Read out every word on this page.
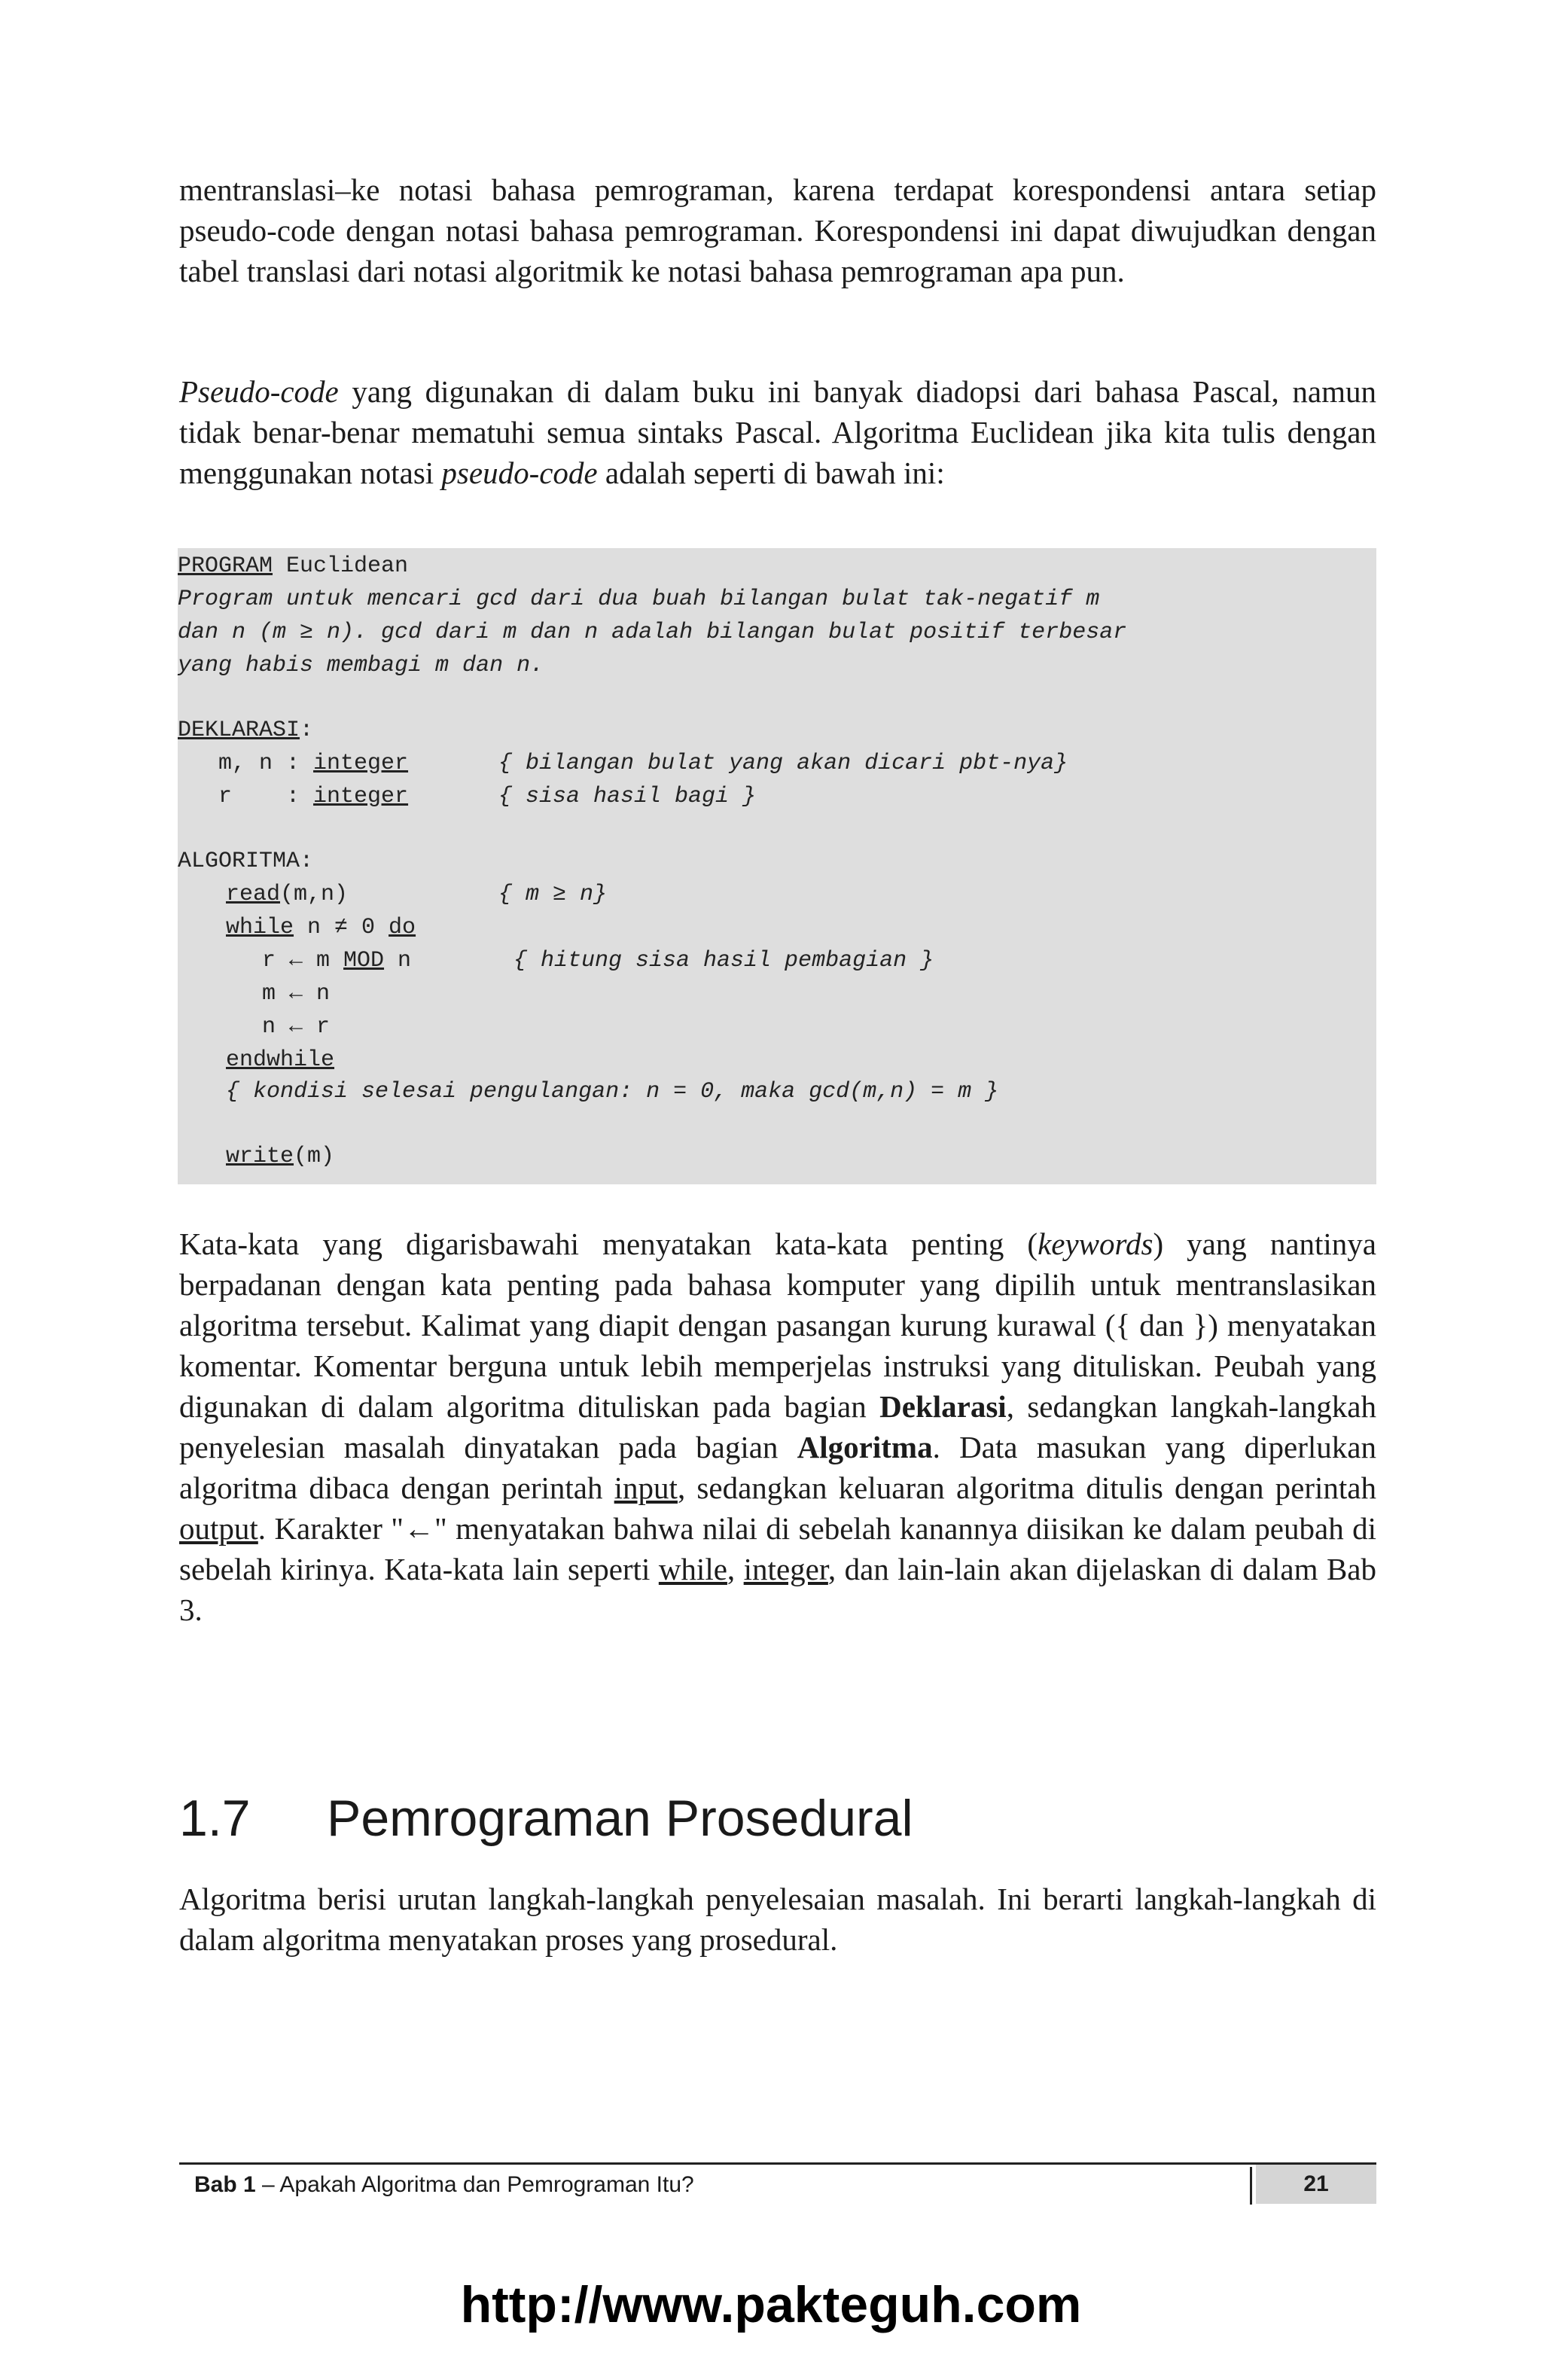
mentranslasi–ke notasi bahasa pemrograman, karena terdapat korespondensi antara setiap pseudo-code dengan notasi bahasa pemrograman. Korespondensi ini dapat diwujudkan dengan tabel translasi dari notasi algoritmik ke notasi bahasa pemrograman apa pun.

Pseudo-code yang digunakan di dalam buku ini banyak diadopsi dari bahasa Pascal, namun tidak benar-benar mematuhi semua sintaks Pascal. Algoritma Euclidean jika kita tulis dengan menggunakan notasi pseudo-code adalah seperti di bawah ini:

PROGRAM Euclidean
Program untuk mencari gcd dari dua buah bilangan bulat tak-negatif m
dan n (m ≥ n). gcd dari m dan n adalah bilangan bulat positif terbesar
yang habis membagi m dan n.
DEKLARASI:
m, n : integer	{ bilangan bulat yang akan dicari pbt-nya}
r    : integer	{ sisa hasil bagi }
ALGORITMA:
read(m,n)	{ m ≥ n}
while n ≠ 0 do
r ← m MOD n	{ hitung sisa hasil pembagian }
m ← n
n ← r
endwhile
{ kondisi selesai pengulangan: n = 0, maka gcd(m,n) = m }
write(m)

Kata-kata yang digarisbawahi menyatakan kata-kata penting (keywords) yang nantinya berpadanan dengan kata penting pada bahasa komputer yang dipilih untuk mentranslasikan algoritma tersebut. Kalimat yang diapit dengan pasangan kurung kurawal ({ dan }) menyatakan komentar. Komentar berguna untuk lebih memperjelas instruksi yang dituliskan. Peubah yang digunakan di dalam algoritma dituliskan pada bagian Deklarasi, sedangkan langkah-langkah penyelesian masalah dinyatakan pada bagian Algoritma. Data masukan yang diperlukan algoritma dibaca dengan perintah input, sedangkan keluaran algoritma ditulis dengan perintah output. Karakter "←" menyatakan bahwa nilai di sebelah kanannya diisikan ke dalam peubah di sebelah kirinya. Kata-kata lain seperti while, integer, dan lain-lain akan dijelaskan di dalam Bab 3.

1.7 Pemrograman Prosedural

Algoritma berisi urutan langkah-langkah penyelesaian masalah. Ini berarti langkah-langkah di dalam algoritma menyatakan proses yang prosedural.

Bab 1 – Apakah Algoritma dan Pemrograman Itu?	21
http://www.pakteguh.com
